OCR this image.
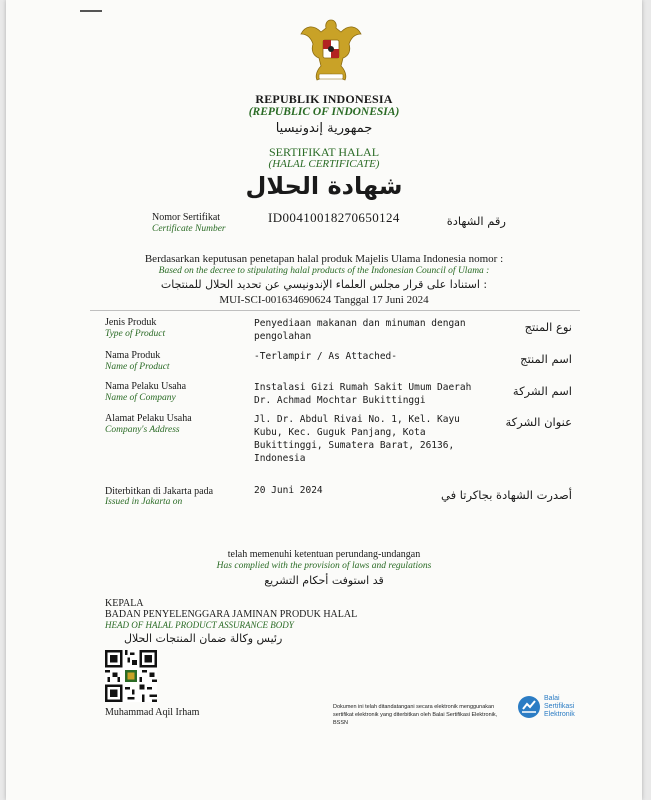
REPUBLIK INDONESIA
(REPUBLIC OF INDONESIA)
جمهورية إندونيسيا
SERTIFIKAT HALAL
(HALAL CERTIFICATE)
شهادة الحلال
Nomor Sertifikat
Certificate Number
ID00410018270650124	رقم الشهادة
Berdasarkan keputusan penetapan halal produk Majelis Ulama Indonesia nomor :
Based on the decree to stipulating halal products of the Indonesian Council of Ulama :
استنادا على قرار مجلس العلماء الإندونيسي عن تحديد الحلال للمنتجات :
MUI-SCI-001634690624 Tanggal 17 Juni 2024
Jenis Produk
Type of Product
Penyediaan makanan dan minuman dengan pengolahan
نوع المنتج
Nama Produk
Name of Product
-Terlampir / As Attached-	اسم المنتج
Nama Pelaku Usaha
Name of Company
Instalasi Gizi Rumah Sakit Umum Daerah Dr. Achmad Mochtar Bukittinggi
اسم الشركة
Alamat Pelaku Usaha
Company's Address
Jl. Dr. Abdul Rivai No. 1, Kel. Kayu Kubu, Kec. Guguk Panjang, Kota Bukittinggi, Sumatera Barat, 26136, Indonesia
عنوان الشركة
Diterbitkan di Jakarta pada
Issued in Jakarta on
20 Juni 2024	أصدرت الشهادة بجاكرتا في
telah memenuhi ketentuan perundang-undangan
Has complied with the provision of laws and regulations
قد استوفت أحكام التشريع
KEPALA
BADAN PENYELENGGARA JAMINAN PRODUK HALAL
HEAD OF HALAL PRODUCT ASSURANCE BODY
رئيس وكالة ضمان المنتجات الحلال
Muhammad Aqil Irham	Dokumen ini telah ditandatangani secara elektronik menggunakan sertifikat elektronik yang diterbitkan oleh Balai Sertifikasi Elektronik, BSSN
Balai
Sertifikasi
Elektronik
